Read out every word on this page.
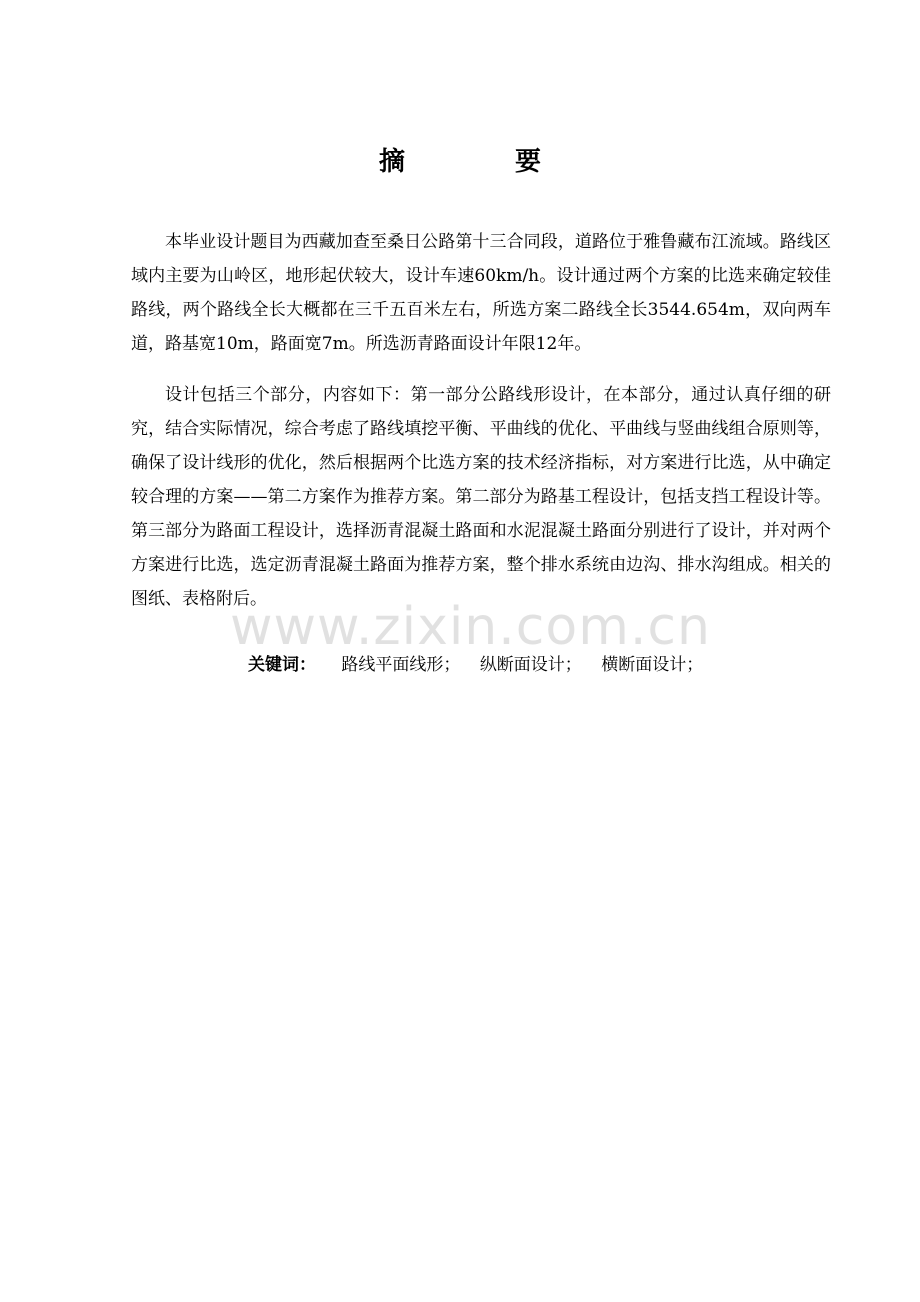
摘　要

本毕业设计题目为西藏加查至桑日公路第十三合同段，道路位于雅鲁藏布江流域。路线区域内主要为山岭区，地形起伏较大，设计车速60km/h。设计通过两个方案的比选来确定较佳路线，两个路线全长大概都在三千五百米左右，所选方案二路线全长3544.654m，双向两车道，路基宽10m，路面宽7m。所选沥青路面设计年限12年。

设计包括三个部分，内容如下：第一部分公路线形设计，在本部分，通过认真仔细的研究，结合实际情况，综合考虑了路线填挖平衡、平曲线的优化、平曲线与竖曲线组合原则等，确保了设计线形的优化，然后根据两个比选方案的技术经济指标，对方案进行比选，从中确定较合理的方案——第二方案作为推荐方案。第二部分为路基工程设计，包括支挡工程设计等。第三部分为路面工程设计，选择沥青混凝土路面和水泥混凝土路面分别进行了设计，并对两个方案进行比选，选定沥青混凝土路面为推荐方案，整个排水系统由边沟、排水沟组成。相关的图纸、表格附后。

www.zixin.com.cn
关键词： 路线平面线形； 纵断面设计； 横断面设计；
